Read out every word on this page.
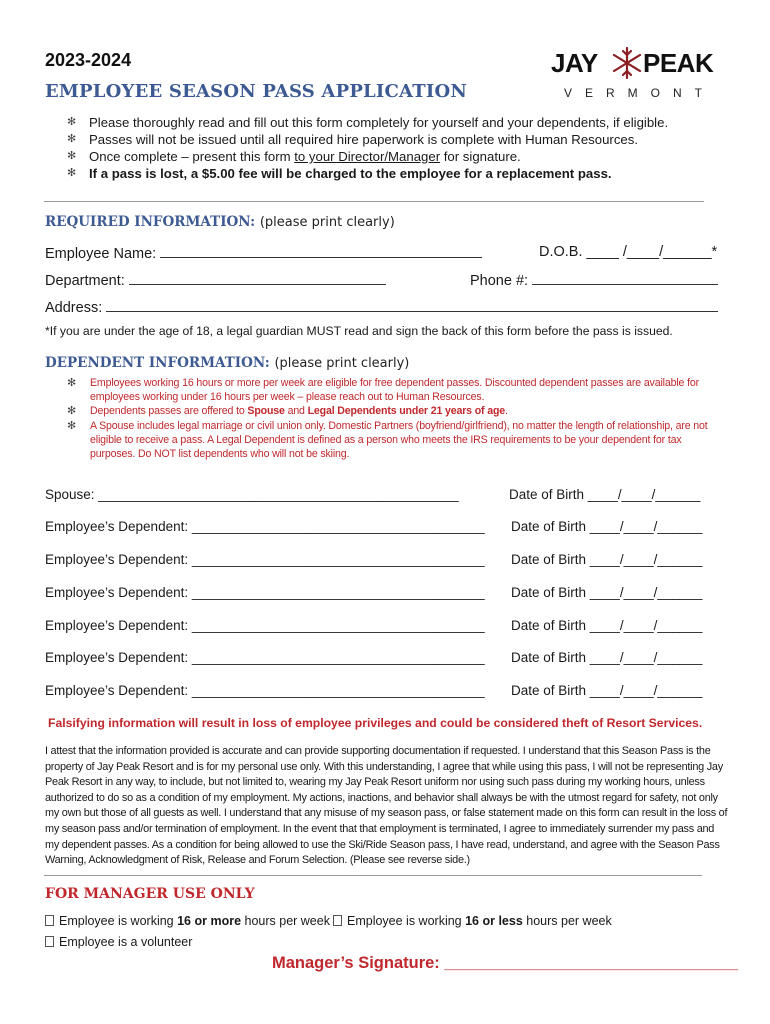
2023-2024
EMPLOYEE SEASON PASS APPLICATION
JAY PEAK
VERMONT
✻ Please thoroughly read and fill out this form completely for yourself and your dependents, if eligible.
✻ Passes will not be issued until all required hire paperwork is complete with Human Resources.
✻ Once complete – present this form to your Director/Manager for signature.
✻ If a pass is lost, a $5.00 fee will be charged to the employee for a replacement pass.
REQUIRED INFORMATION: (please print clearly)
Employee Name:	D.O.B. ____ /____/______*
Department:	Phone #:
Address:
*If you are under the age of 18, a legal guardian MUST read and sign the back of this form before the pass is issued.
DEPENDENT INFORMATION: (please print clearly)
✻	Employees working 16 hours or more per week are eligible for free dependent passes. Discounted dependent passes are available for employees working under 16 hours per week – please reach out to Human Resources.
✻	Dependents passes are offered to Spouse and Legal Dependents under 21 years of age.
✻	A Spouse includes legal marriage or civil union only. Domestic Partners (boyfriend/girlfriend), no matter the length of relationship, are not eligible to receive a pass. A Legal Dependent is defined as a person who meets the IRS requirements to be your dependent for tax purposes. Do NOT list dependents who will not be skiing.
Spouse: ________________________________________________	Date of Birth ____/____/______
Employee’s Dependent: _______________________________________ Date of Birth ____/____/______
Employee’s Dependent: _______________________________________ Date of Birth ____/____/______
Employee’s Dependent: _______________________________________ Date of Birth ____/____/______
Employee’s Dependent: _______________________________________ Date of Birth ____/____/______
Employee’s Dependent: _______________________________________ Date of Birth ____/____/______
Employee’s Dependent: _______________________________________ Date of Birth ____/____/______
Falsifying information will result in loss of employee privileges and could be considered theft of Resort Services.
I attest that the information provided is accurate and can provide supporting documentation if requested. I understand that this Season Pass is the property of Jay Peak Resort and is for my personal use only. With this understanding, I agree that while using this pass, I will not be representing Jay Peak Resort in any way, to include, but not limited to, wearing my Jay Peak Resort uniform nor using such pass during my working hours, unless authorized to do so as a condition of my employment. My actions, inactions, and behavior shall always be with the utmost regard for safety, not only my own but those of all guests as well. I understand that any misuse of my season pass, or false statement made on this form can result in the loss of my season pass and/or termination of employment. In the event that that employment is terminated, I agree to immediately surrender my pass and my dependent passes. As a condition for being allowed to use the Ski/Ride Season pass, I have read, understand, and agree with the Season Pass Warning, Acknowledgment of Risk, Release and Forum Selection. (Please see reverse side.)
FOR MANAGER USE ONLY
Employee is working 16 or more hours per week	Employee is working 16 or less hours per week
Employee is a volunteer
Manager’s Signature: ________________________________
